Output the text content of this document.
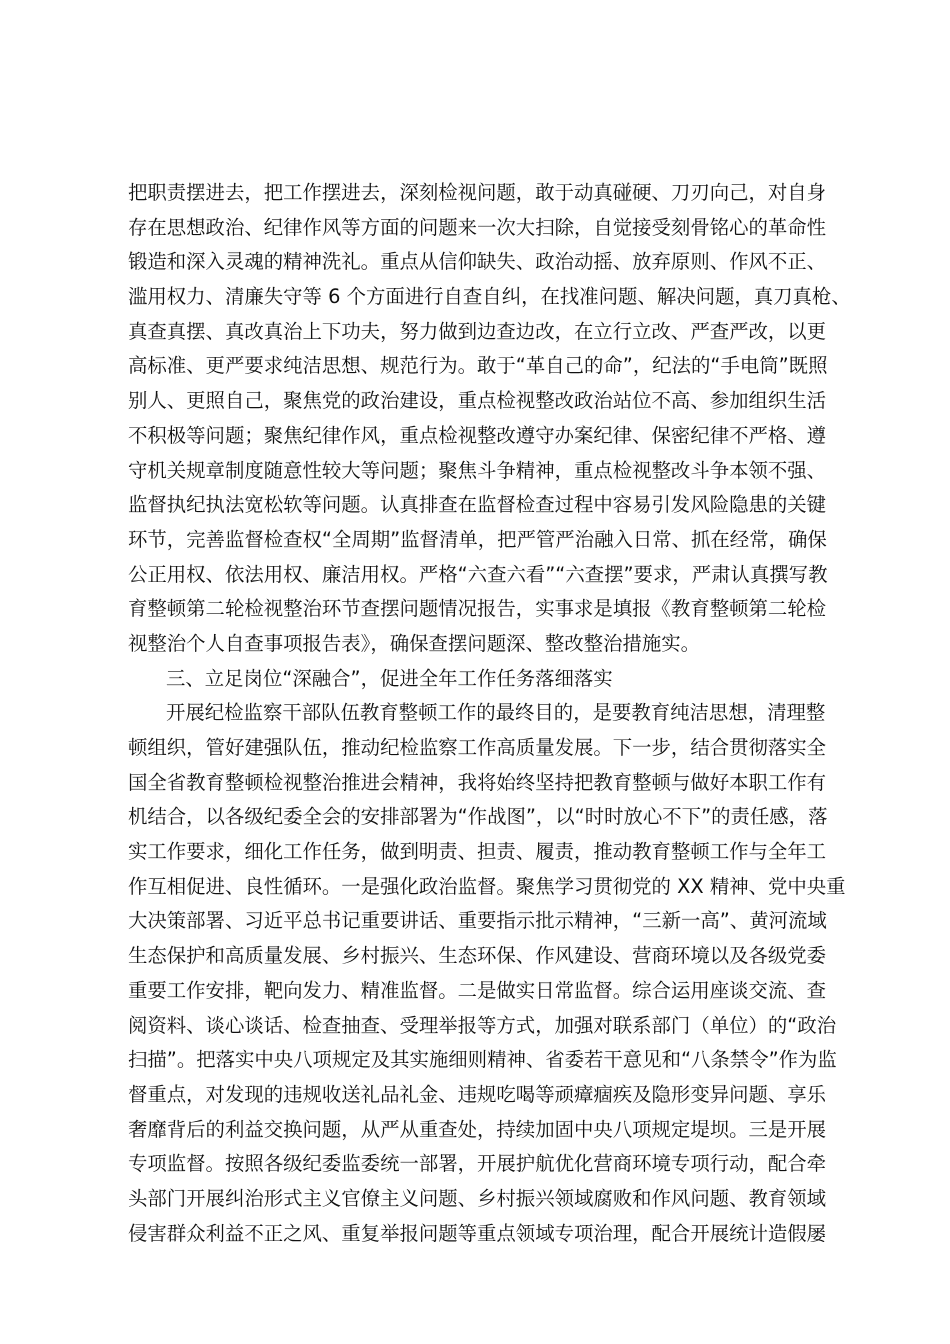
把职责摆进去，把工作摆进去，深刻检视问题，敢于动真碰硬、刀刃向己，对自身
存在思想政治、纪律作风等方面的问题来一次大扫除，自觉接受刻骨铭心的革命性
锻造和深入灵魂的精神洗礼。重点从信仰缺失、政治动摇、放弃原则、作风不正、
滥用权力、清廉失守等 6 个方面进行自查自纠，在找准问题、解决问题，真刀真枪、
真查真摆、真改真治上下功夫，努力做到边查边改，在立行立改、严查严改，以更
高标准、更严要求纯洁思想、规范行为。敢于“革自己的命”，纪法的“手电筒”既照
别人、更照自己，聚焦党的政治建设，重点检视整改政治站位不高、参加组织生活
不积极等问题；聚焦纪律作风，重点检视整改遵守办案纪律、保密纪律不严格、遵
守机关规章制度随意性较大等问题；聚焦斗争精神，重点检视整改斗争本领不强、
监督执纪执法宽松软等问题。认真排查在监督检查过程中容易引发风险隐患的关键
环节，完善监督检查权“全周期”监督清单，把严管严治融入日常、抓在经常，确保
公正用权、依法用权、廉洁用权。严格“六查六看”“六查摆”要求，严肃认真撰写教
育整顿第二轮检视整治环节查摆问题情况报告，实事求是填报《教育整顿第二轮检
视整治个人自查事项报告表》，确保查摆问题深、整改整治措施实。
三、立足岗位“深融合”，促进全年工作任务落细落实
开展纪检监察干部队伍教育整顿工作的最终目的，是要教育纯洁思想，清理整
顿组织，管好建强队伍，推动纪检监察工作高质量发展。下一步，结合贯彻落实全
国全省教育整顿检视整治推进会精神，我将始终坚持把教育整顿与做好本职工作有
机结合，以各级纪委全会的安排部署为“作战图”，以“时时放心不下”的责任感，落
实工作要求，细化工作任务，做到明责、担责、履责，推动教育整顿工作与全年工
作互相促进、良性循环。一是强化政治监督。聚焦学习贯彻党的 XX 精神、党中央重
大决策部署、习近平总书记重要讲话、重要指示批示精神，“三新一高”、黄河流域
生态保护和高质量发展、乡村振兴、生态环保、作风建设、营商环境以及各级党委
重要工作安排，靶向发力、精准监督。二是做实日常监督。综合运用座谈交流、查
阅资料、谈心谈话、检查抽查、受理举报等方式，加强对联系部门（单位）的“政治
扫描”。把落实中央八项规定及其实施细则精神、省委若干意见和“八条禁令”作为监
督重点，对发现的违规收送礼品礼金、违规吃喝等顽瘴痼疾及隐形变异问题、享乐
奢靡背后的利益交换问题，从严从重查处，持续加固中央八项规定堤坝。三是开展
专项监督。按照各级纪委监委统一部署，开展护航优化营商环境专项行动，配合牵
头部门开展纠治形式主义官僚主义问题、乡村振兴领域腐败和作风问题、教育领域
侵害群众利益不正之风、重复举报问题等重点领域专项治理，配合开展统计造假屡
